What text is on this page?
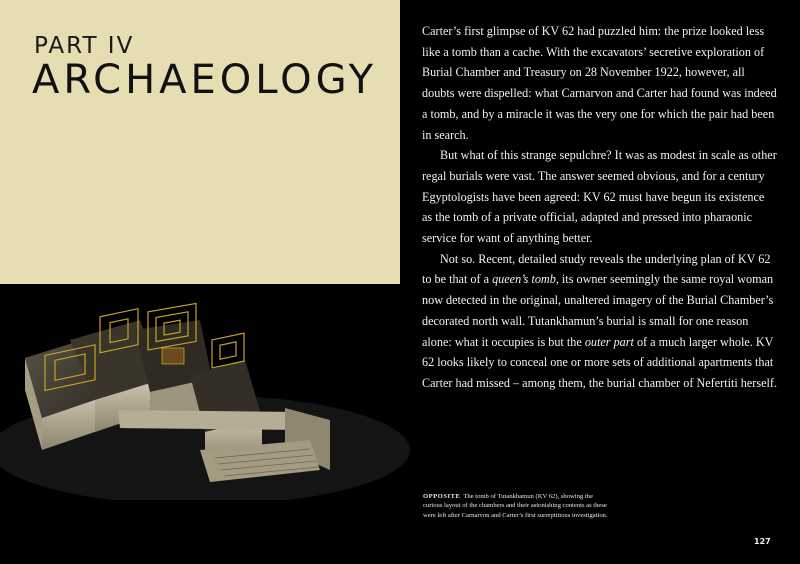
PART IV
ARCHAEOLOGY

Carter’s first glimpse of KV 62 had puzzled him: the prize looked less like a tomb than a cache. With the excavators’ secretive exploration of Burial Chamber and Treasury on 28 November 1922, however, all doubts were dispelled: what Carnarvon and Carter had found was indeed a tomb, and by a miracle it was the very one for which the pair had been in search.

But what of this strange sepulchre? It was as modest in scale as other regal burials were vast. The answer seemed obvious, and for a century Egyptologists have been agreed: KV 62 must have begun its existence as the tomb of a private official, adapted and pressed into pharaonic service for want of anything better.

Not so. Recent, detailed study reveals the underlying plan of KV 62 to be that of a queen’s tomb, its owner seemingly the same royal woman now detected in the original, unaltered imagery of the Burial Chamber’s decorated north wall. Tutankhamun’s burial is small for one reason alone: what it occupies is but the outer part of a much larger whole. KV 62 looks likely to conceal one or more sets of additional apartments that Carter had missed – among them, the burial chamber of Nefertiti herself.

OPPOSITE The tomb of Tutankhamun (KV 62), showing the curious layout of the chambers and their astonishing contents as these were left after Carnarvon and Carter’s first surreptitious investigation.
127
